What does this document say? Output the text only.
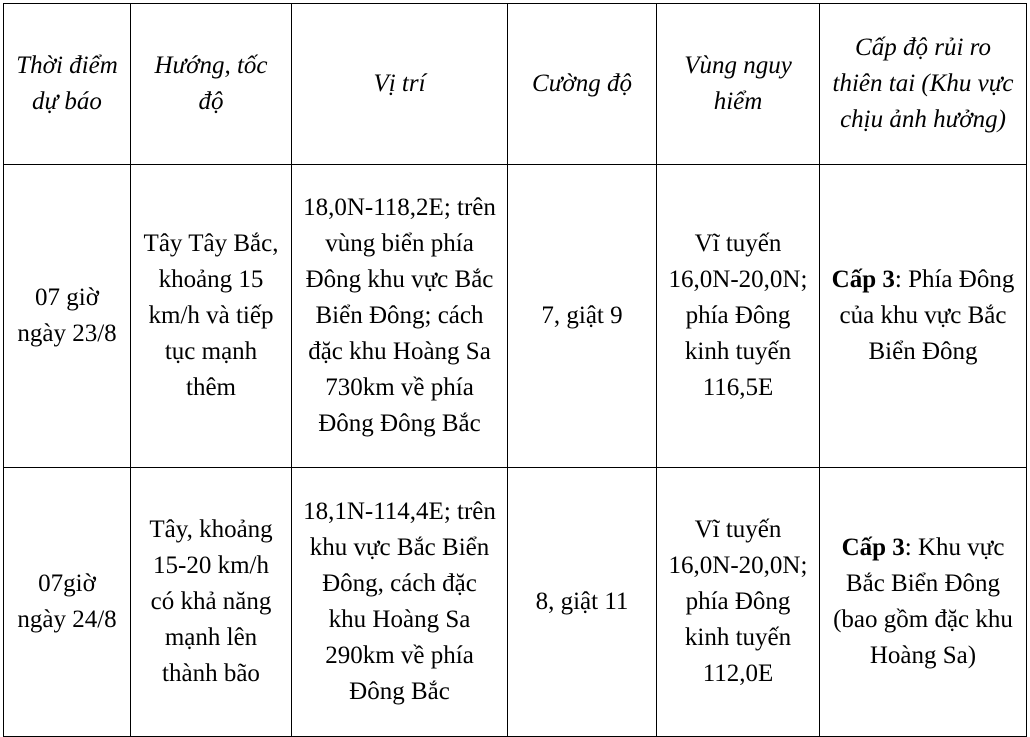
Thời điểm dự báo	Hướng, tốc độ	Vị trí	Cường độ	Vùng nguy hiểm	Cấp độ rủi ro thiên tai (Khu vực chịu ảnh hưởng)
07 giờ ngày 23/8	Tây Tây Bắc, khoảng 15 km/h và tiếp tục mạnh thêm	18,0N-118,2E; trên vùng biển phía Đông khu vực Bắc Biển Đông; cách đặc khu Hoàng Sa 730km về phía Đông Đông Bắc	7, giật 9	Vĩ tuyến 16,0N-20,0N; phía Đông kinh tuyến 116,5E	Cấp 3: Phía Đông của khu vực Bắc Biển Đông
07giờ ngày 24/8	Tây, khoảng 15-20 km/h có khả năng mạnh lên thành bão	18,1N-114,4E; trên khu vực Bắc Biển Đông, cách đặc khu Hoàng Sa 290km về phía Đông Bắc	8, giật 11	Vĩ tuyến 16,0N-20,0N; phía Đông kinh tuyến 112,0E	Cấp 3: Khu vực Bắc Biển Đông (bao gồm đặc khu Hoàng Sa)
